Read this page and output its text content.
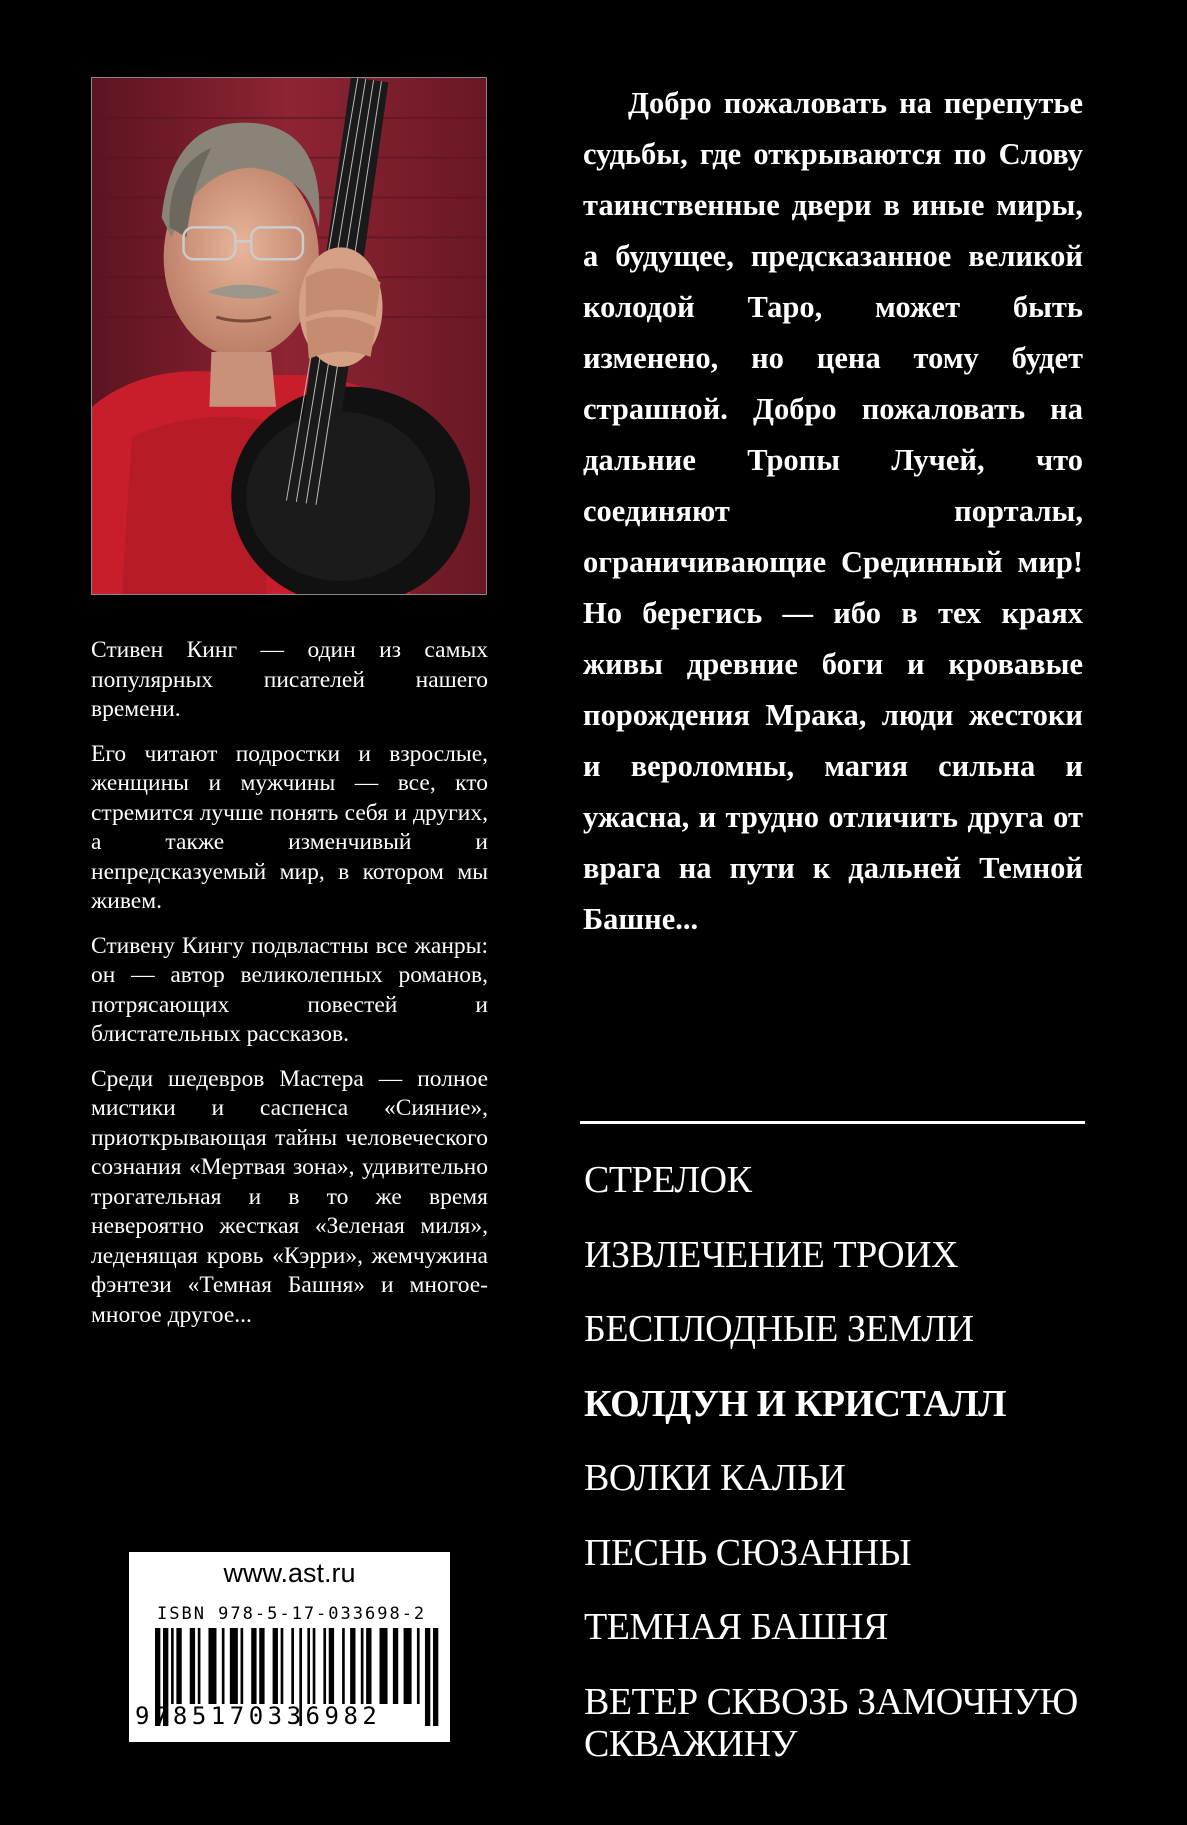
Стивен Кинг — один из самых популярных писателей нашего времени.

Его читают подростки и взрослые, женщины и мужчины — все, кто стремится лучше понять себя и других, а также изменчивый и непредсказуемый мир, в котором мы живем.

Стивену Кингу подвластны все жанры: он — автор великолепных романов, потрясающих повестей и блистательных рассказов.

Среди шедевров Мастера — полное мистики и саспенса «Сияние», приоткрывающая тайны человеческого сознания «Мертвая зона», удивительно трогательная и в то же время невероятно жесткая «Зеленая миля», леденящая кровь «Кэрри», жемчужина фэнтези «Темная Башня» и многое-многое другое...

Добро пожаловать на перепутье судьбы, где открываются по Слову таинственные двери в иные миры, а будущее, предсказанное великой колодой Таро, может быть изменено, но цена тому будет страшной. Добро пожаловать на дальние Тропы Лучей, что соединяют порталы, ограничивающие Срединный мир! Но берегись — ибо в тех краях живы древние боги и кровавые порождения Мрака, люди жестоки и вероломны, магия сильна и ужасна, и трудно отличить друга от врага на пути к дальней Темной Башне...
СТРЕЛОК
ИЗВЛЕЧЕНИЕ ТРОИХ
БЕСПЛОДНЫЕ ЗЕМЛИ
КОЛДУН И КРИСТАЛЛ
ВОЛКИ КАЛЬИ
ПЕСНЬ СЮЗАННЫ
ТЕМНАЯ БАШНЯ
ВЕТЕР СКВОЗЬ ЗАМОЧНУЮ СКВАЖИНУ
www.ast.ru
ISBN 978-5-17-033698-2
9785170336982
